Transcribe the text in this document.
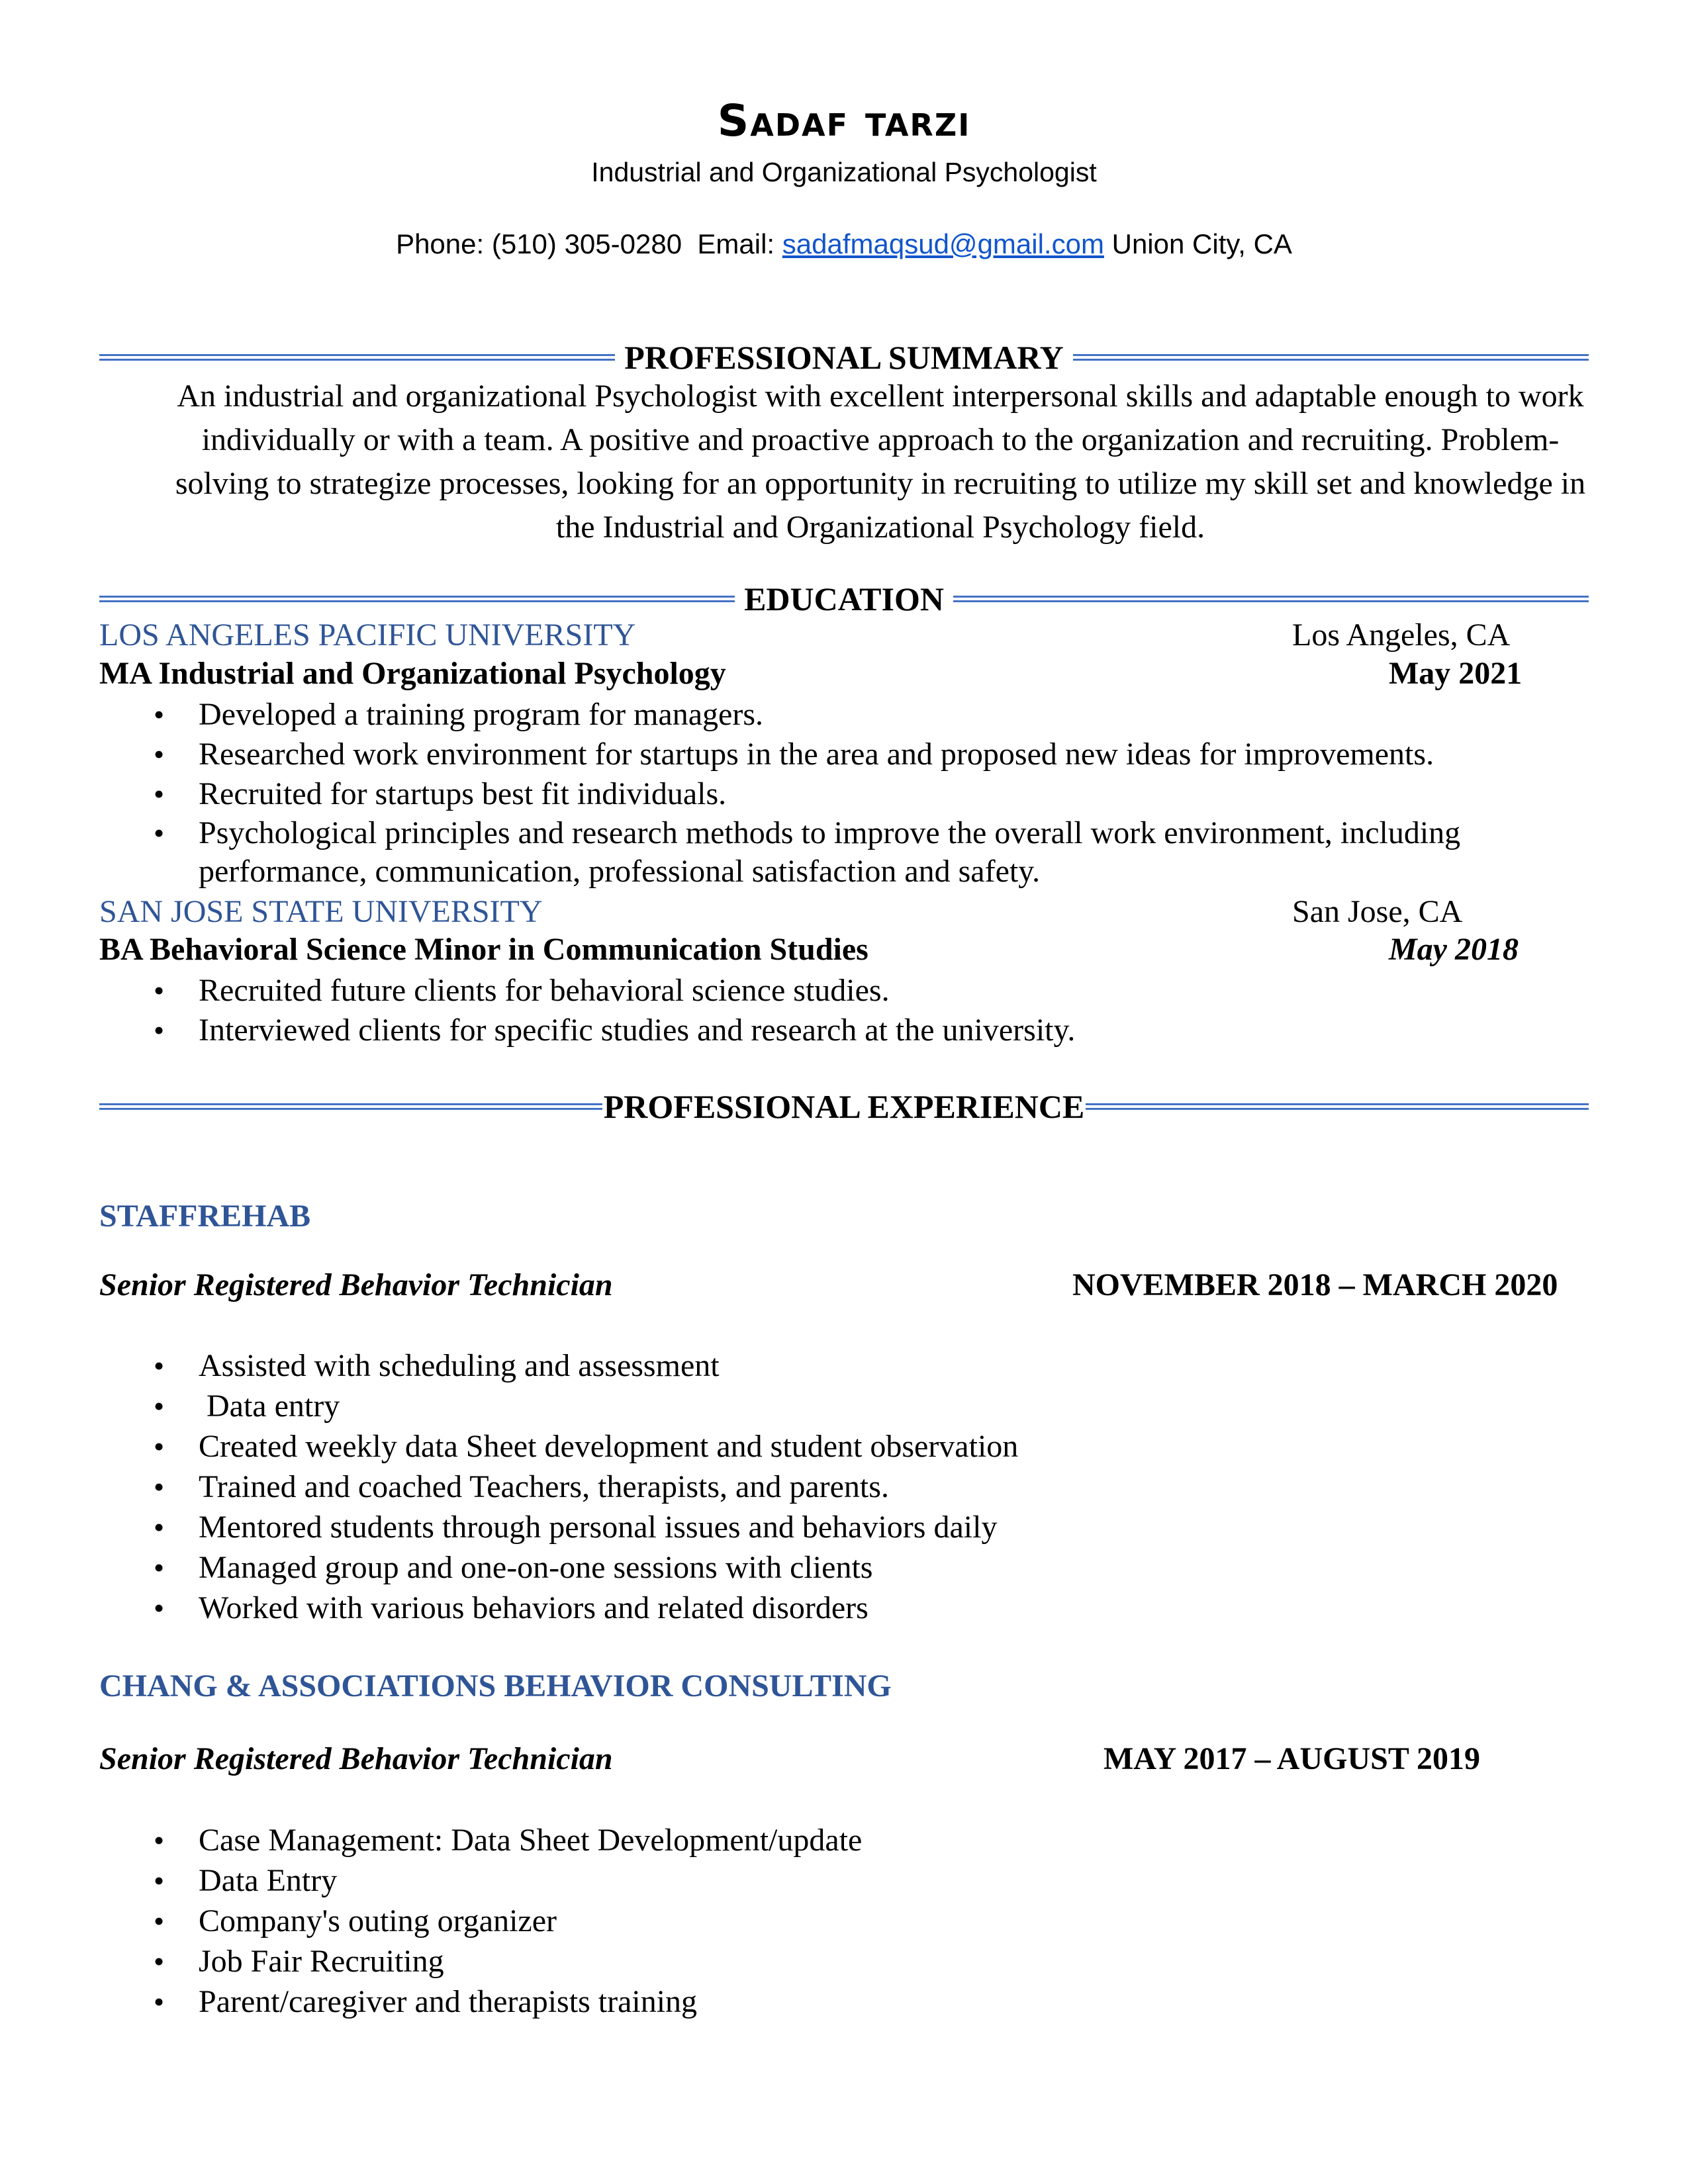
Sadaf tarzi
Industrial and Organizational Psychologist
Phone: (510) 305-0280  Email: sadafmaqsud@gmail.com Union City, CA
PROFESSIONAL SUMMARY
An industrial and organizational Psychologist with excellent interpersonal skills and adaptable enough to work individually or with a team. A positive and proactive approach to the organization and recruiting. Problem-solving to strategize processes, looking for an opportunity in recruiting to utilize my skill set and knowledge in the Industrial and Organizational Psychology field.
EDUCATION
LOS ANGELES PACIFIC UNIVERSITY	Los Angeles, CA
MA Industrial and Organizational Psychology	May 2021
• Developed a training program for managers.
• Researched work environment for startups in the area and proposed new ideas for improvements.
• Recruited for startups best fit individuals.
• Psychological principles and research methods to improve the overall work environment, including performance, communication, professional satisfaction and safety.
SAN JOSE STATE UNIVERSITY	San Jose, CA
BA Behavioral Science Minor in Communication Studies	May 2018
• Recruited future clients for behavioral science studies.
• Interviewed clients for specific studies and research at the university.
PROFESSIONAL EXPERIENCE
STAFFREHAB
Senior Registered Behavior Technician	NOVEMBER 2018 – MARCH 2020
• Assisted with scheduling and assessment
•  Data entry
• Created weekly data Sheet development and student observation
• Trained and coached Teachers, therapists, and parents.
• Mentored students through personal issues and behaviors daily
• Managed group and one-on-one sessions with clients
• Worked with various behaviors and related disorders
CHANG & ASSOCIATIONS BEHAVIOR CONSULTING
Senior Registered Behavior Technician	MAY 2017 – AUGUST 2019
• Case Management: Data Sheet Development/update
• Data Entry
• Company's outing organizer
• Job Fair Recruiting
• Parent/caregiver and therapists training
